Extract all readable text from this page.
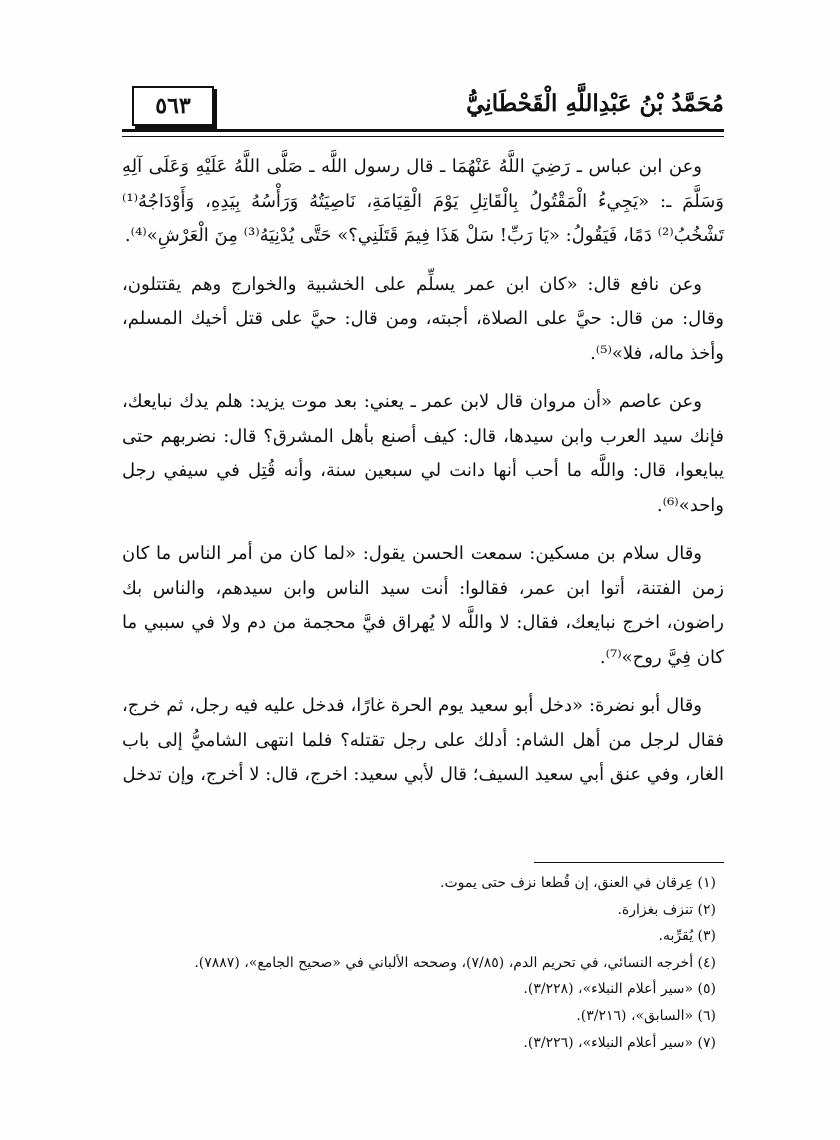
٥٦٣	مُحَمَّدُ بْنُ عَبْدِاللَّهِ الْقَحْطَانِيُّ

وعن ابن عباس ـ رَضِيَ اللَّهُ عَنْهُمَا ـ قال رسول اللَّه ـ صَلَّى اللَّهُ عَلَيْهِ وَعَلَى آلِهِ وَسَلَّمَ ـ: «يَجِيءُ الْمَقْتُولُ بِالْقَاتِلِ يَوْمَ الْقِيَامَةِ، نَاصِيَتُهُ وَرَأْسُهُ بِيَدِهِ، وَأَوْدَاجُهُ⁽¹⁾ تَشْخُبُ⁽²⁾ دَمًا، فَيَقُولُ: «يَا رَبِّ! سَلْ هَذَا فِيمَ قَتَلَنِي؟» حَتَّى يُدْنِيَهُ⁽³⁾ مِنَ الْعَرْشِ»⁽⁴⁾.

وعن نافع قال: «كان ابن عمر يسلِّم على الخشبية والخوارج وهم يقتتلون، وقال: من قال: حيَّ على الصلاة، أجبته، ومن قال: حيَّ على قتل أخيك المسلم، وأخذ ماله، فلا»⁽⁵⁾.

وعن عاصم «أن مروان قال لابن عمر ـ يعني: بعد موت يزيد: هلم يدك نبايعك، فإنك سيد العرب وابن سيدها، قال: كيف أصنع بأهل المشرق؟ قال: نضربهم حتى يبايعوا، قال: واللَّه ما أحب أنها دانت لي سبعين سنة، وأنه قُتِل في سيفي رجل واحد»⁽⁶⁾.

وقال سلام بن مسكين: سمعت الحسن يقول: «لما كان من أمر الناس ما كان زمن الفتنة، أتوا ابن عمر، فقالوا: أنت سيد الناس وابن سيدهم، والناس بك راضون، اخرج نبايعك، فقال: لا واللَّه لا يُهراق فيَّ محجمة من دم ولا في سببي ما كان فِيَّ روح»⁽⁷⁾.

وقال أبو نضرة: «دخل أبو سعيد يوم الحرة غارًا، فدخل عليه فيه رجل، ثم خرج، فقال لرجل من أهل الشام: أدلك على رجل تقتله؟ فلما انتهى الشاميُّ إلى باب الغار، وفي عنق أبي سعيد السيف؛ قال لأبي سعيد: اخرج، قال: لا أخرج، وإن تدخل

(١) عِرقان في العنق، إن قُطعا نزف حتى يموت.

(٢) تنزف بغزارة.

(٣) يُقرِّبه.

(٤) أخرجه النسائي، في تحريم الدم، (٧/٨٥)، وصححه الألباني في «صحيح الجامع»، (٧٨٨٧).

(٥) «سير أعلام النبلاء»، (٣/٢٢٨).

(٦) «السابق»، (٣/٢١٦).

(٧) «سير أعلام النبلاء»، (٣/٢٢٦).
